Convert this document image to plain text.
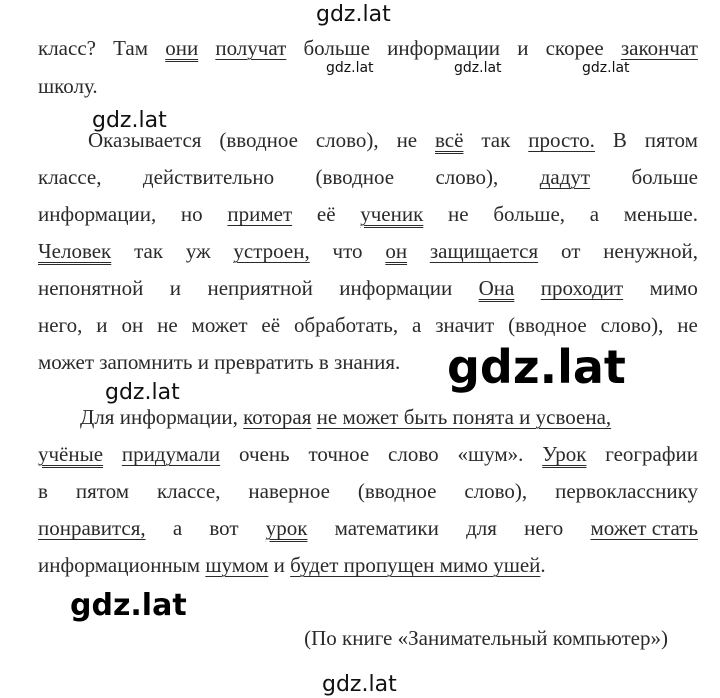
gdz.lat
gdz.lat	gdz.lat	gdz.lat
gdz.lat
gdz.lat	gdz.lat
gdz.lat
gdz.lat
класс? Там они получат больше информации и скорее закончат
школу.
Оказывается (вводное слово), не всё так просто. В пятом
классе, действительно (вводное слово), дадут больше
информации, но примет её ученик не больше, а меньше.
Человек так уж устроен, что он защищается от ненужной,
непонятной и неприятной информации Она проходит мимо
него, и он не может её обработать, а значит (вводное слово), не
может запомнить и превратить в знания.
Для информации, которая не может быть понята и усвоена,
учёные придумали очень точное слово «шум». Урок географии
в пятом классе, наверное (вводное слово), первокласснику
понравится, а вот урок математики для него может стать
информационным шумом и будет пропущен мимо ушей.
(По книге «Занимательный компьютер»)
